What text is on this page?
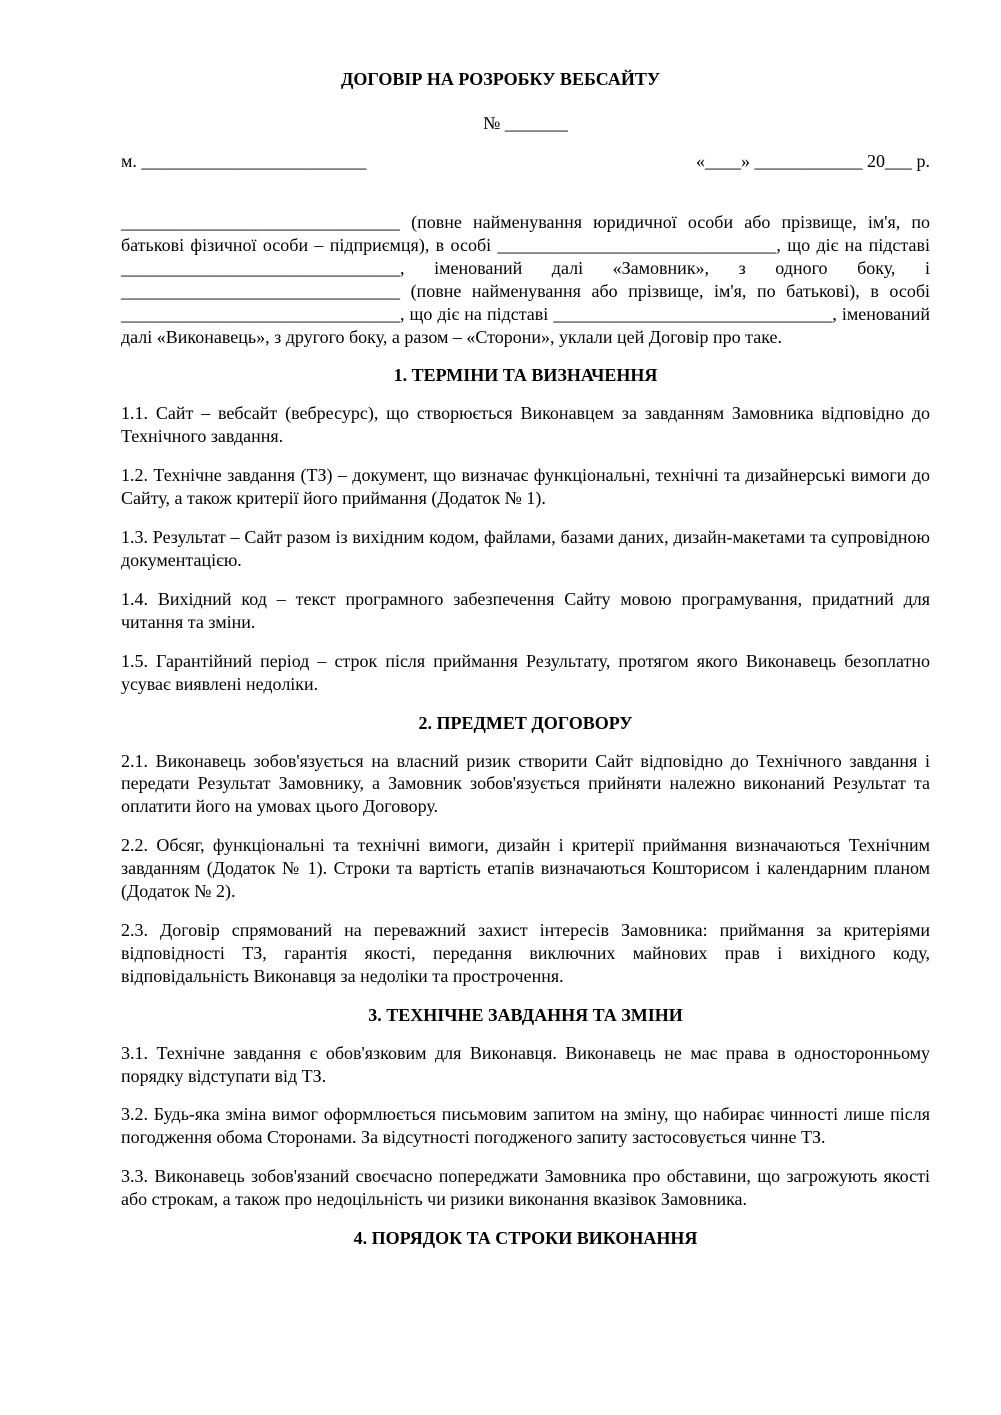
ДОГОВІР НА РОЗРОБКУ ВЕБСАЙТУ
№ _______
м. _________________________	«____» ____________ 20___ р.

_______________________________ (повне найменування юридичної особи або прізвище, ім'я, по батькові фізичної особи – підприємця), в особі _______________________________, що діє на підставі _______________________________, іменований далі «Замовник», з одного боку, і _______________________________ (повне найменування або прізвище, ім'я, по батькові), в особі _______________________________, що діє на підставі _______________________________, іменований далі «Виконавець», з другого боку, а разом – «Сторони», уклали цей Договір про таке.

1. ТЕРМІНИ ТА ВИЗНАЧЕННЯ

1.1. Сайт – вебсайт (вебресурс), що створюється Виконавцем за завданням Замовника відповідно до Технічного завдання.

1.2. Технічне завдання (ТЗ) – документ, що визначає функціональні, технічні та дизайнерські вимоги до Сайту, а також критерії його приймання (Додаток № 1).

1.3. Результат – Сайт разом із вихідним кодом, файлами, базами даних, дизайн-макетами та супровідною документацією.

1.4. Вихідний код – текст програмного забезпечення Сайту мовою програмування, придатний для читання та зміни.

1.5. Гарантійний період – строк після приймання Результату, протягом якого Виконавець безоплатно усуває виявлені недоліки.

2. ПРЕДМЕТ ДОГОВОРУ

2.1. Виконавець зобов'язується на власний ризик створити Сайт відповідно до Технічного завдання і передати Результат Замовнику, а Замовник зобов'язується прийняти належно виконаний Результат та оплатити його на умовах цього Договору.

2.2. Обсяг, функціональні та технічні вимоги, дизайн і критерії приймання визначаються Технічним завданням (Додаток № 1). Строки та вартість етапів визначаються Кошторисом і календарним планом (Додаток № 2).

2.3. Договір спрямований на переважний захист інтересів Замовника: приймання за критеріями відповідності ТЗ, гарантія якості, передання виключних майнових прав і вихідного коду, відповідальність Виконавця за недоліки та прострочення.

3. ТЕХНІЧНЕ ЗАВДАННЯ ТА ЗМІНИ

3.1. Технічне завдання є обов'язковим для Виконавця. Виконавець не має права в односторонньому порядку відступати від ТЗ.

3.2. Будь-яка зміна вимог оформлюється письмовим запитом на зміну, що набирає чинності лише після погодження обома Сторонами. За відсутності погодженого запиту застосовується чинне ТЗ.

3.3. Виконавець зобов'язаний своєчасно попереджати Замовника про обставини, що загрожують якості або строкам, а також про недоцільність чи ризики виконання вказівок Замовника.

4. ПОРЯДОК ТА СТРОКИ ВИКОНАННЯ
